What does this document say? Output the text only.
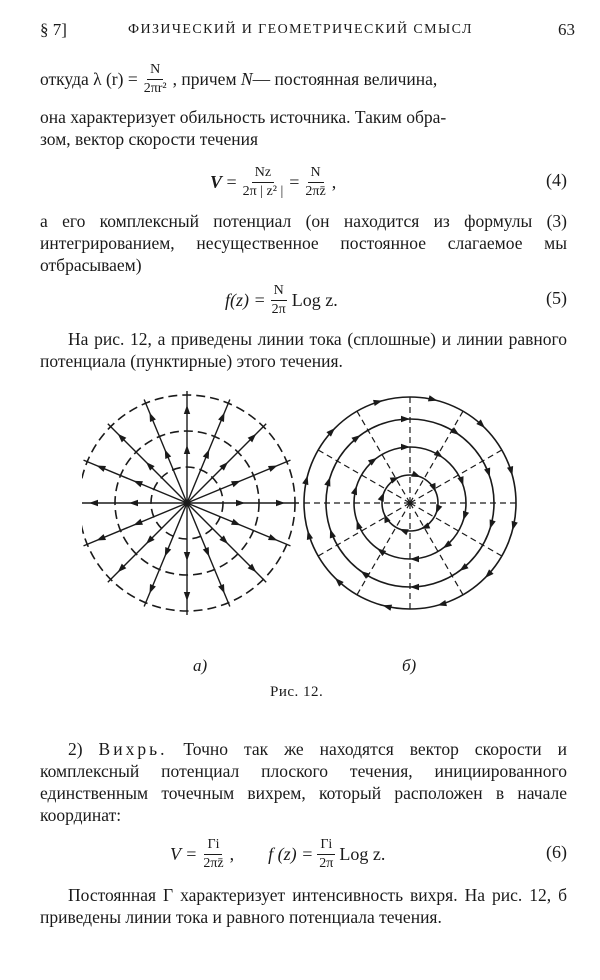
§ 7]	ФИЗИЧЕСКИЙ И ГЕОМЕТРИЧЕСКИЙ СМЫСЛ	63
откуда λ $(r) = \frac{N}{\text{2πr²}}$ , причем
N — постоянная величина,
она характеризует обильность источника. Таким обра-
зом, вектор скорости течения
$V = \frac{Nz}{\text{2π | z² |}} = \frac{N}{2\pi z̄}$ ,	(4)

а его комплексный потенциал (он находится из формулы (3) интегрированием, несущественное постоянное слагаемое мы отбрасываем)

$f(z) = \frac{N}{2\pi}$ Log z.	(5)

На рис. 12, а приведены линии тока (сплошные) и линии равного потенциала (пунктирные) этого течения.

а)	б)
Рис. 12.

2) Вихрь. Точно так же находятся вектор скорости и комплексный потенциал плоского течения, инициированного единственным точечным вихрем, который расположен в начале координат:

$V = \frac{\Gamma i}{2\pi z̄}$ , f $(z) = \frac{\Gamma i}{2\pi}$ Log z.	(6)

Постоянная Γ характеризует интенсивность вихря. На рис. 12, б приведены линии тока и равного потенциала течения.
